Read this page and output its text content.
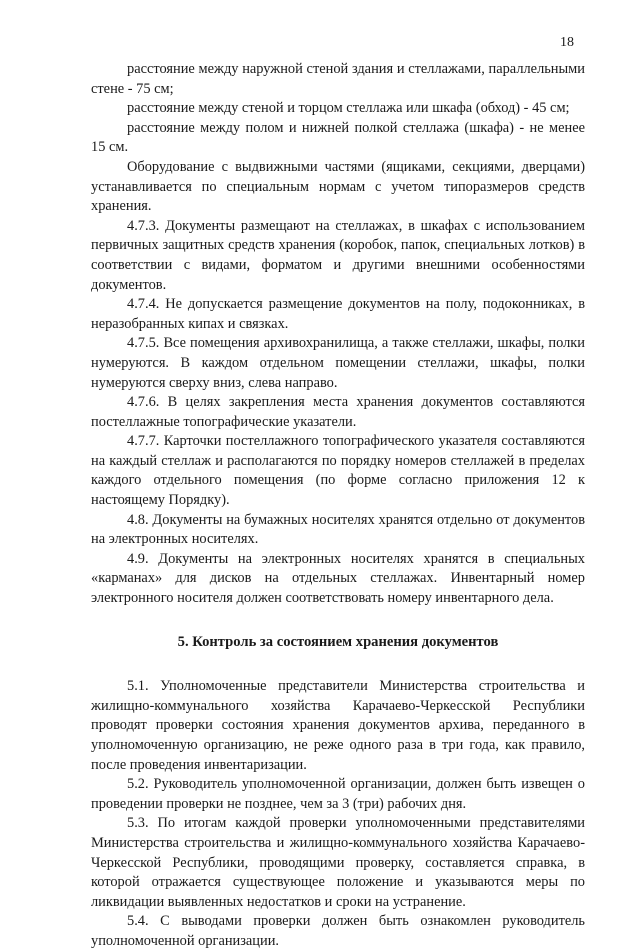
18

расстояние между наружной стеной здания и стеллажами, параллельными стене - 75 см;

расстояние между стеной и торцом стеллажа или шкафа (обход) - 45 см;

расстояние между полом и нижней полкой стеллажа (шкафа) - не менее 15 см.

Оборудование с выдвижными частями (ящиками, секциями, дверцами) устанавливается по специальным нормам с учетом типоразмеров средств хранения.

4.7.3. Документы размещают на стеллажах, в шкафах с использованием первичных защитных средств хранения (коробок, папок, специальных лотков) в соответствии с видами, форматом и другими внешними особенностями документов.

4.7.4. Не допускается размещение документов на полу, подоконниках, в неразобранных кипах и связках.

4.7.5. Все помещения архивохранилища, а также стеллажи, шкафы, полки нумеруются. В каждом отдельном помещении стеллажи, шкафы, полки нумеруются сверху вниз, слева направо.

4.7.6. В целях закрепления места хранения документов составляются постеллажные топографические указатели.

4.7.7. Карточки постеллажного топографического указателя составляются на каждый стеллаж и располагаются по порядку номеров стеллажей в пределах каждого отдельного помещения (по форме согласно приложения 12 к настоящему Порядку).

4.8. Документы на бумажных носителях хранятся отдельно от документов на электронных носителях.

4.9. Документы на электронных носителях хранятся в специальных «карманах» для дисков на отдельных стеллажах. Инвентарный номер электронного носителя должен соответствовать номеру инвентарного дела.

5. Контроль за состоянием хранения документов

5.1. Уполномоченные представители Министерства строительства и жилищно-коммунального хозяйства Карачаево-Черкесской Республики проводят проверки состояния хранения документов архива, переданного в уполномоченную организацию, не реже одного раза в три года, как правило, после проведения инвентаризации.

5.2. Руководитель уполномоченной организации, должен быть извещен о проведении проверки не позднее, чем за 3 (три) рабочих дня.

5.3. По итогам каждой проверки уполномоченными представителями Министерства строительства и жилищно-коммунального хозяйства Карачаево-Черкесской Республики, проводящими проверку, составляется справка, в которой отражается существующее положение и указываются меры по ликвидации выявленных недостатков и сроки на устранение.

5.4. С выводами проверки должен быть ознакомлен руководитель уполномоченной организации.
